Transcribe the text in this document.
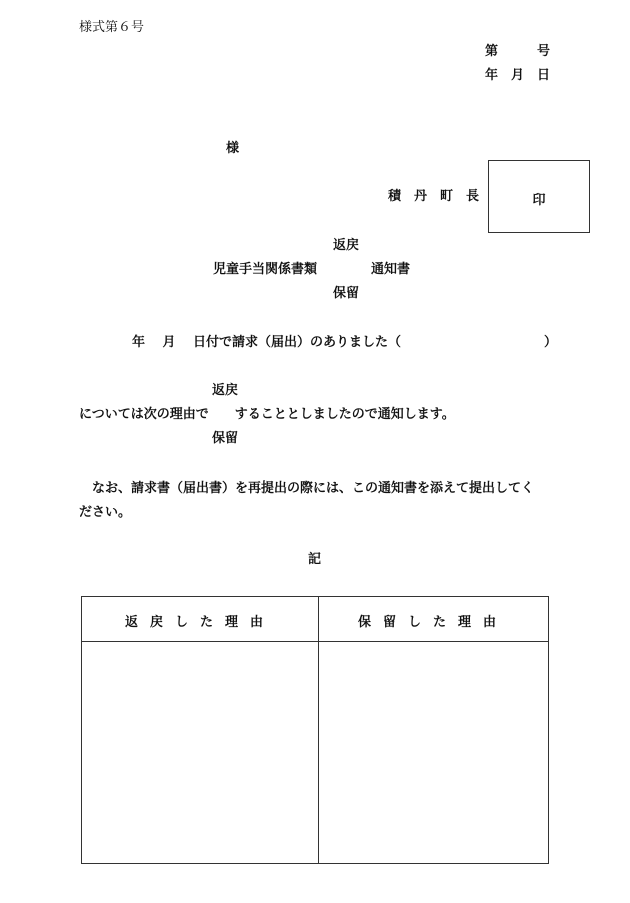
様式第６号
第　　　号
年　月　日
様
積　丹　町　長	印
返戻
児童手当関係書類	通知書
保留
年　 月　 日付で請求（届出）のありました（	）
返戻
については次の理由で　　することとしましたので通知します。
保留
なお、請求書（届出書）を再提出の際には、この通知書を添えて提出してく
ださい。
記
返戻した理由	保留した理由
